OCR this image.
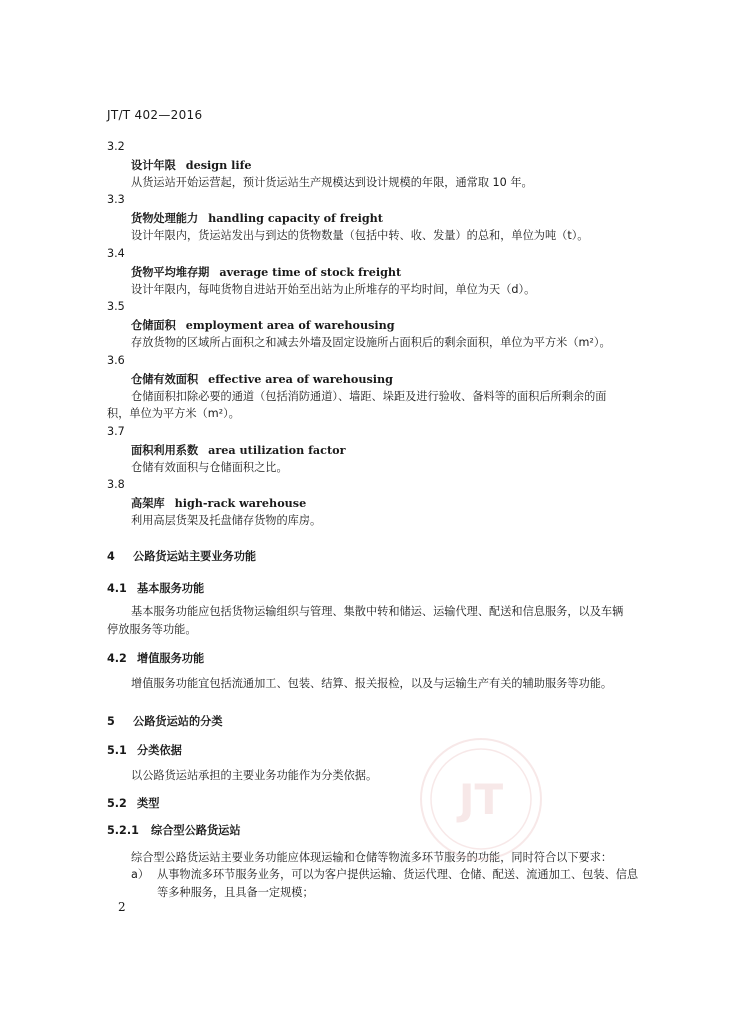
JT/T 402—2016
3.2
设计年限 design life
从货运站开始运营起，预计货运站生产规模达到设计规模的年限，通常取 10 年。
3.3
货物处理能力 handling capacity of freight
设计年限内，货运站发出与到达的货物数量（包括中转、收、发量）的总和，单位为吨（t）。
3.4
货物平均堆存期 average time of stock freight
设计年限内，每吨货物自进站开始至出站为止所堆存的平均时间，单位为天（d）。
3.5
仓储面积 employment area of warehousing
存放货物的区域所占面积之和减去外墙及固定设施所占面积后的剩余面积，单位为平方米（m²）。
3.6
仓储有效面积 effective area of warehousing
仓储面积扣除必要的通道（包括消防通道）、墙距、垛距及进行验收、备料等的面积后所剩余的面
积，单位为平方米（m²）。
3.7
面积利用系数 area utilization factor
仓储有效面积与仓储面积之比。
3.8
高架库 high-rack warehouse
利用高层货架及托盘储存货物的库房。
4 公路货运站主要业务功能
4.1 基本服务功能
基本服务功能应包括货物运输组织与管理、集散中转和储运、运输代理、配送和信息服务，以及车辆
停放服务等功能。
4.2 增值服务功能
增值服务功能宜包括流通加工、包装、结算、报关报检，以及与运输生产有关的辅助服务等功能。
5 公路货运站的分类
5.1 分类依据
以公路货运站承担的主要业务功能作为分类依据。
5.2 类型
5.2.1 综合型公路货运站
综合型公路货运站主要业务功能应体现运输和仓储等物流多环节服务的功能，同时符合以下要求：
a） 从事物流多环节服务业务，可以为客户提供运输、货运代理、仓储、配送、流通加工、包装、信息
等多种服务，且具备一定规模；
JT
2
